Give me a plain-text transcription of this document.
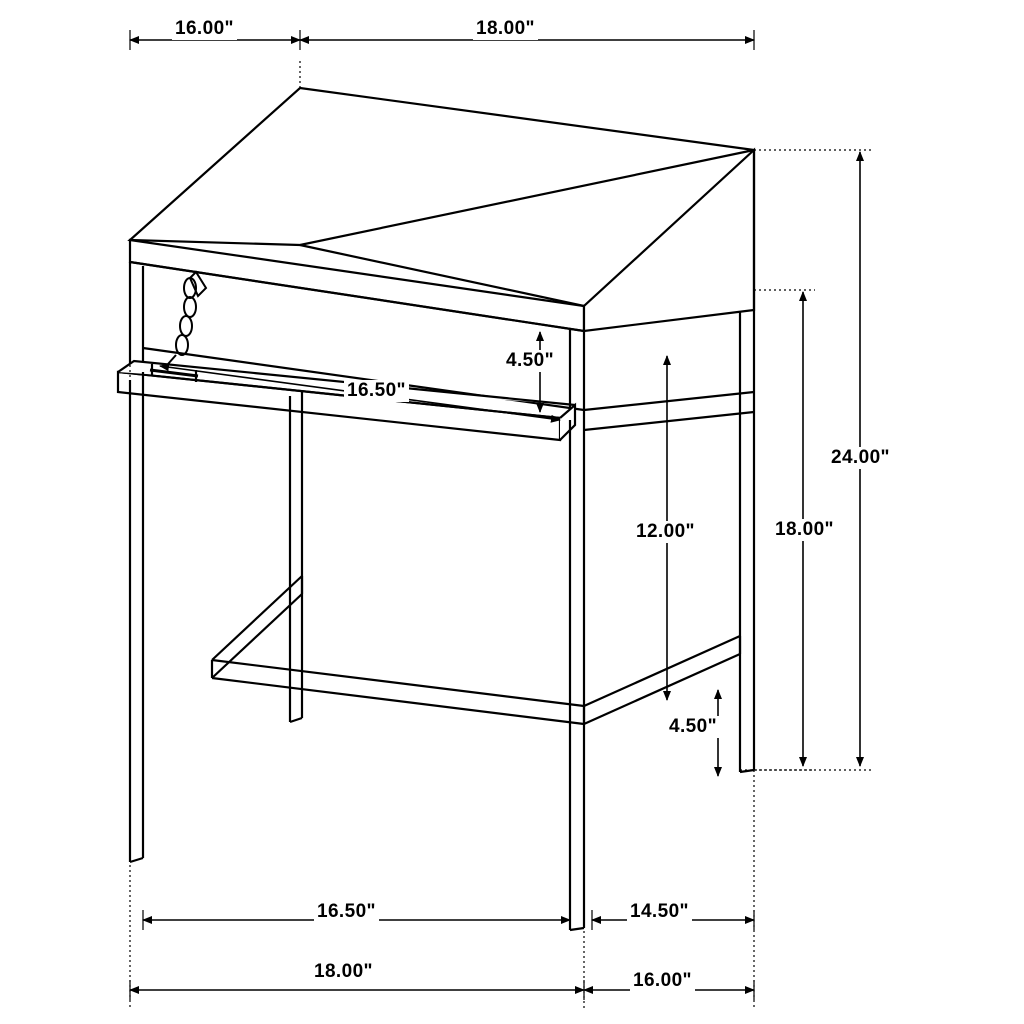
16.00"	18.00"
4.50"
16.50"
12.00"
4.50"
18.00"
24.00"
16.50"	14.50"
18.00"	16.00"
